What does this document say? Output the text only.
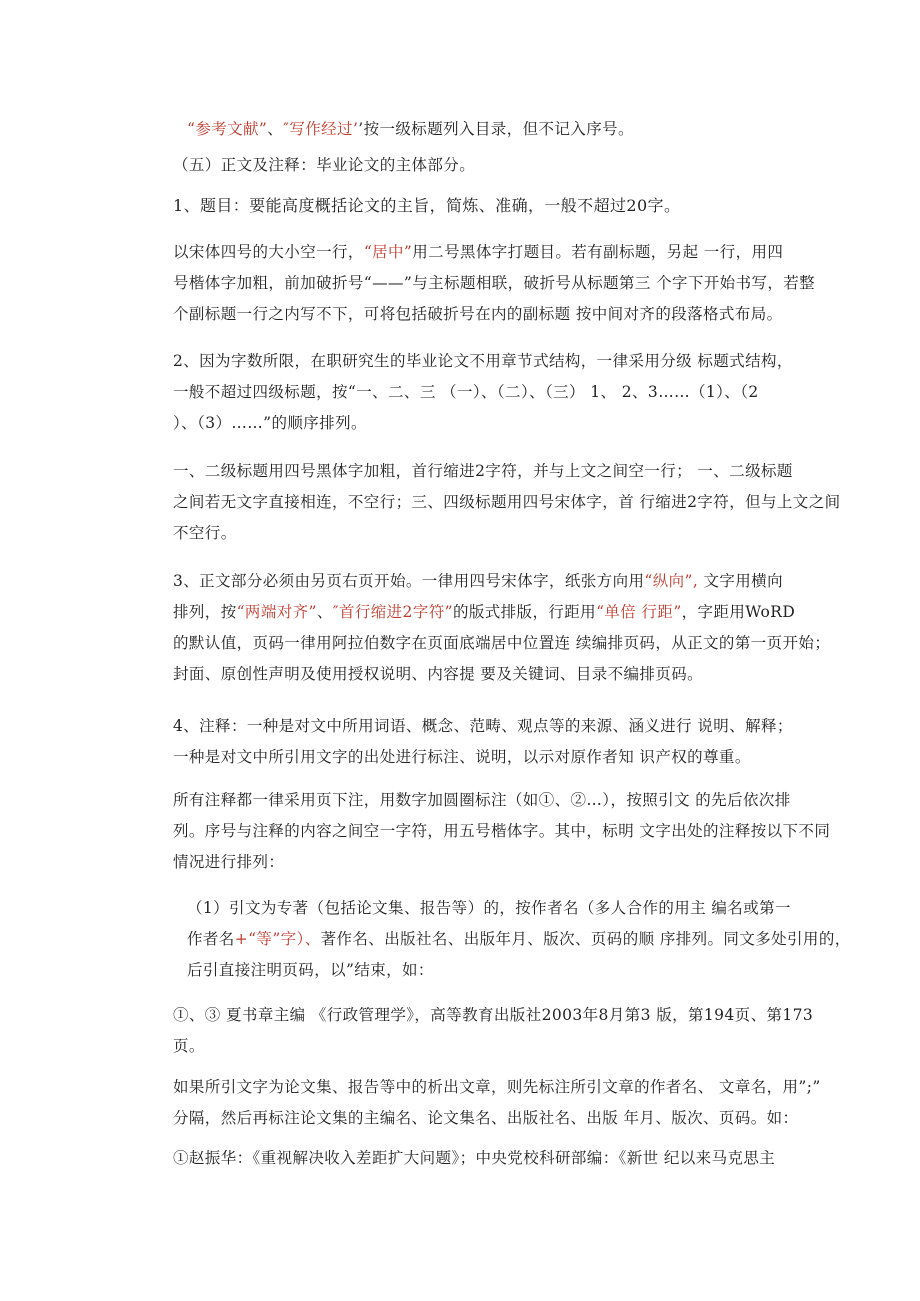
“参考文献”、″写作经过’’按一级标题列入目录，但不记入序号。
（五）正文及注释：毕业论文的主体部分。
1、题目：要能高度概括论文的主旨，简炼、准确，一般不超过20字。
以宋体四号的大小空一行，“居中”用二号黑体字打题目。若有副标题，另起 一行，用四
号楷体字加粗，前加破折号“——”与主标题相联，破折号从标题第三 个字下开始书写，若整
个副标题一行之内写不下，可将包括破折号在内的副标题 按中间对齐的段落格式布局。
2、因为字数所限，在职研究生的毕业论文不用章节式结构，一律采用分级 标题式结构，
一般不超过四级标题，按“一、二、三 （一）、（二）、（三） 1、 2、3……（1）、（2
）、（3）……”的顺序排列。
一、二级标题用四号黑体字加粗，首行缩进2字符，并与上文之间空一行； 一、二级标题
之间若无文字直接相连，不空行；三、四级标题用四号宋体字，首 行缩进2字符，但与上文之间
不空行。
3、正文部分必须由另页右页开始。一律用四号宋体字，纸张方向用“纵向”, 文字用横向
排列，按“两端对齐”、″首行缩进2字符”的版式排版，行距用“单倍 行距”，字距用WoRD
的默认值，页码一律用阿拉伯数字在页面底端居中位置连 续编排页码，从正文的第一页开始；
封面、原创性声明及使用授权说明、内容提 要及关键词、目录不编排页码。
4、注释：一种是对文中所用词语、概念、范畴、观点等的来源、涵义进行 说明、解释；
一种是对文中所引用文字的出处进行标注、说明，以示对原作者知 识产权的尊重。
所有注释都一律采用页下注，用数字加圆圈标注（如①、②…），按照引文 的先后依次排
列。序号与注释的内容之间空一字符，用五号楷体字。其中，标明 文字出处的注释按以下不同
情况进行排列：
（1）引文为专著（包括论文集、报告等）的，按作者名（多人合作的用主 编名或第一
作者名+“等”字）、著作名、出版社名、出版年月、版次、页码的顺 序排列。同文多处引用的，
后引直接注明页码，以”结束，如：
①、③ 夏书章主编 《行政管理学》，高等教育出版社2003年8月第3 版，第194页、第173
页。
如果所引文字为论文集、报告等中的析出文章，则先标注所引文章的作者名、 文章名，用”;”
分隔，然后再标注论文集的主编名、论文集名、出版社名、出版 年月、版次、页码。如：
①赵振华：《重视解决收入差距扩大问题》；中央党校科研部编：《新世 纪以来马克思主
